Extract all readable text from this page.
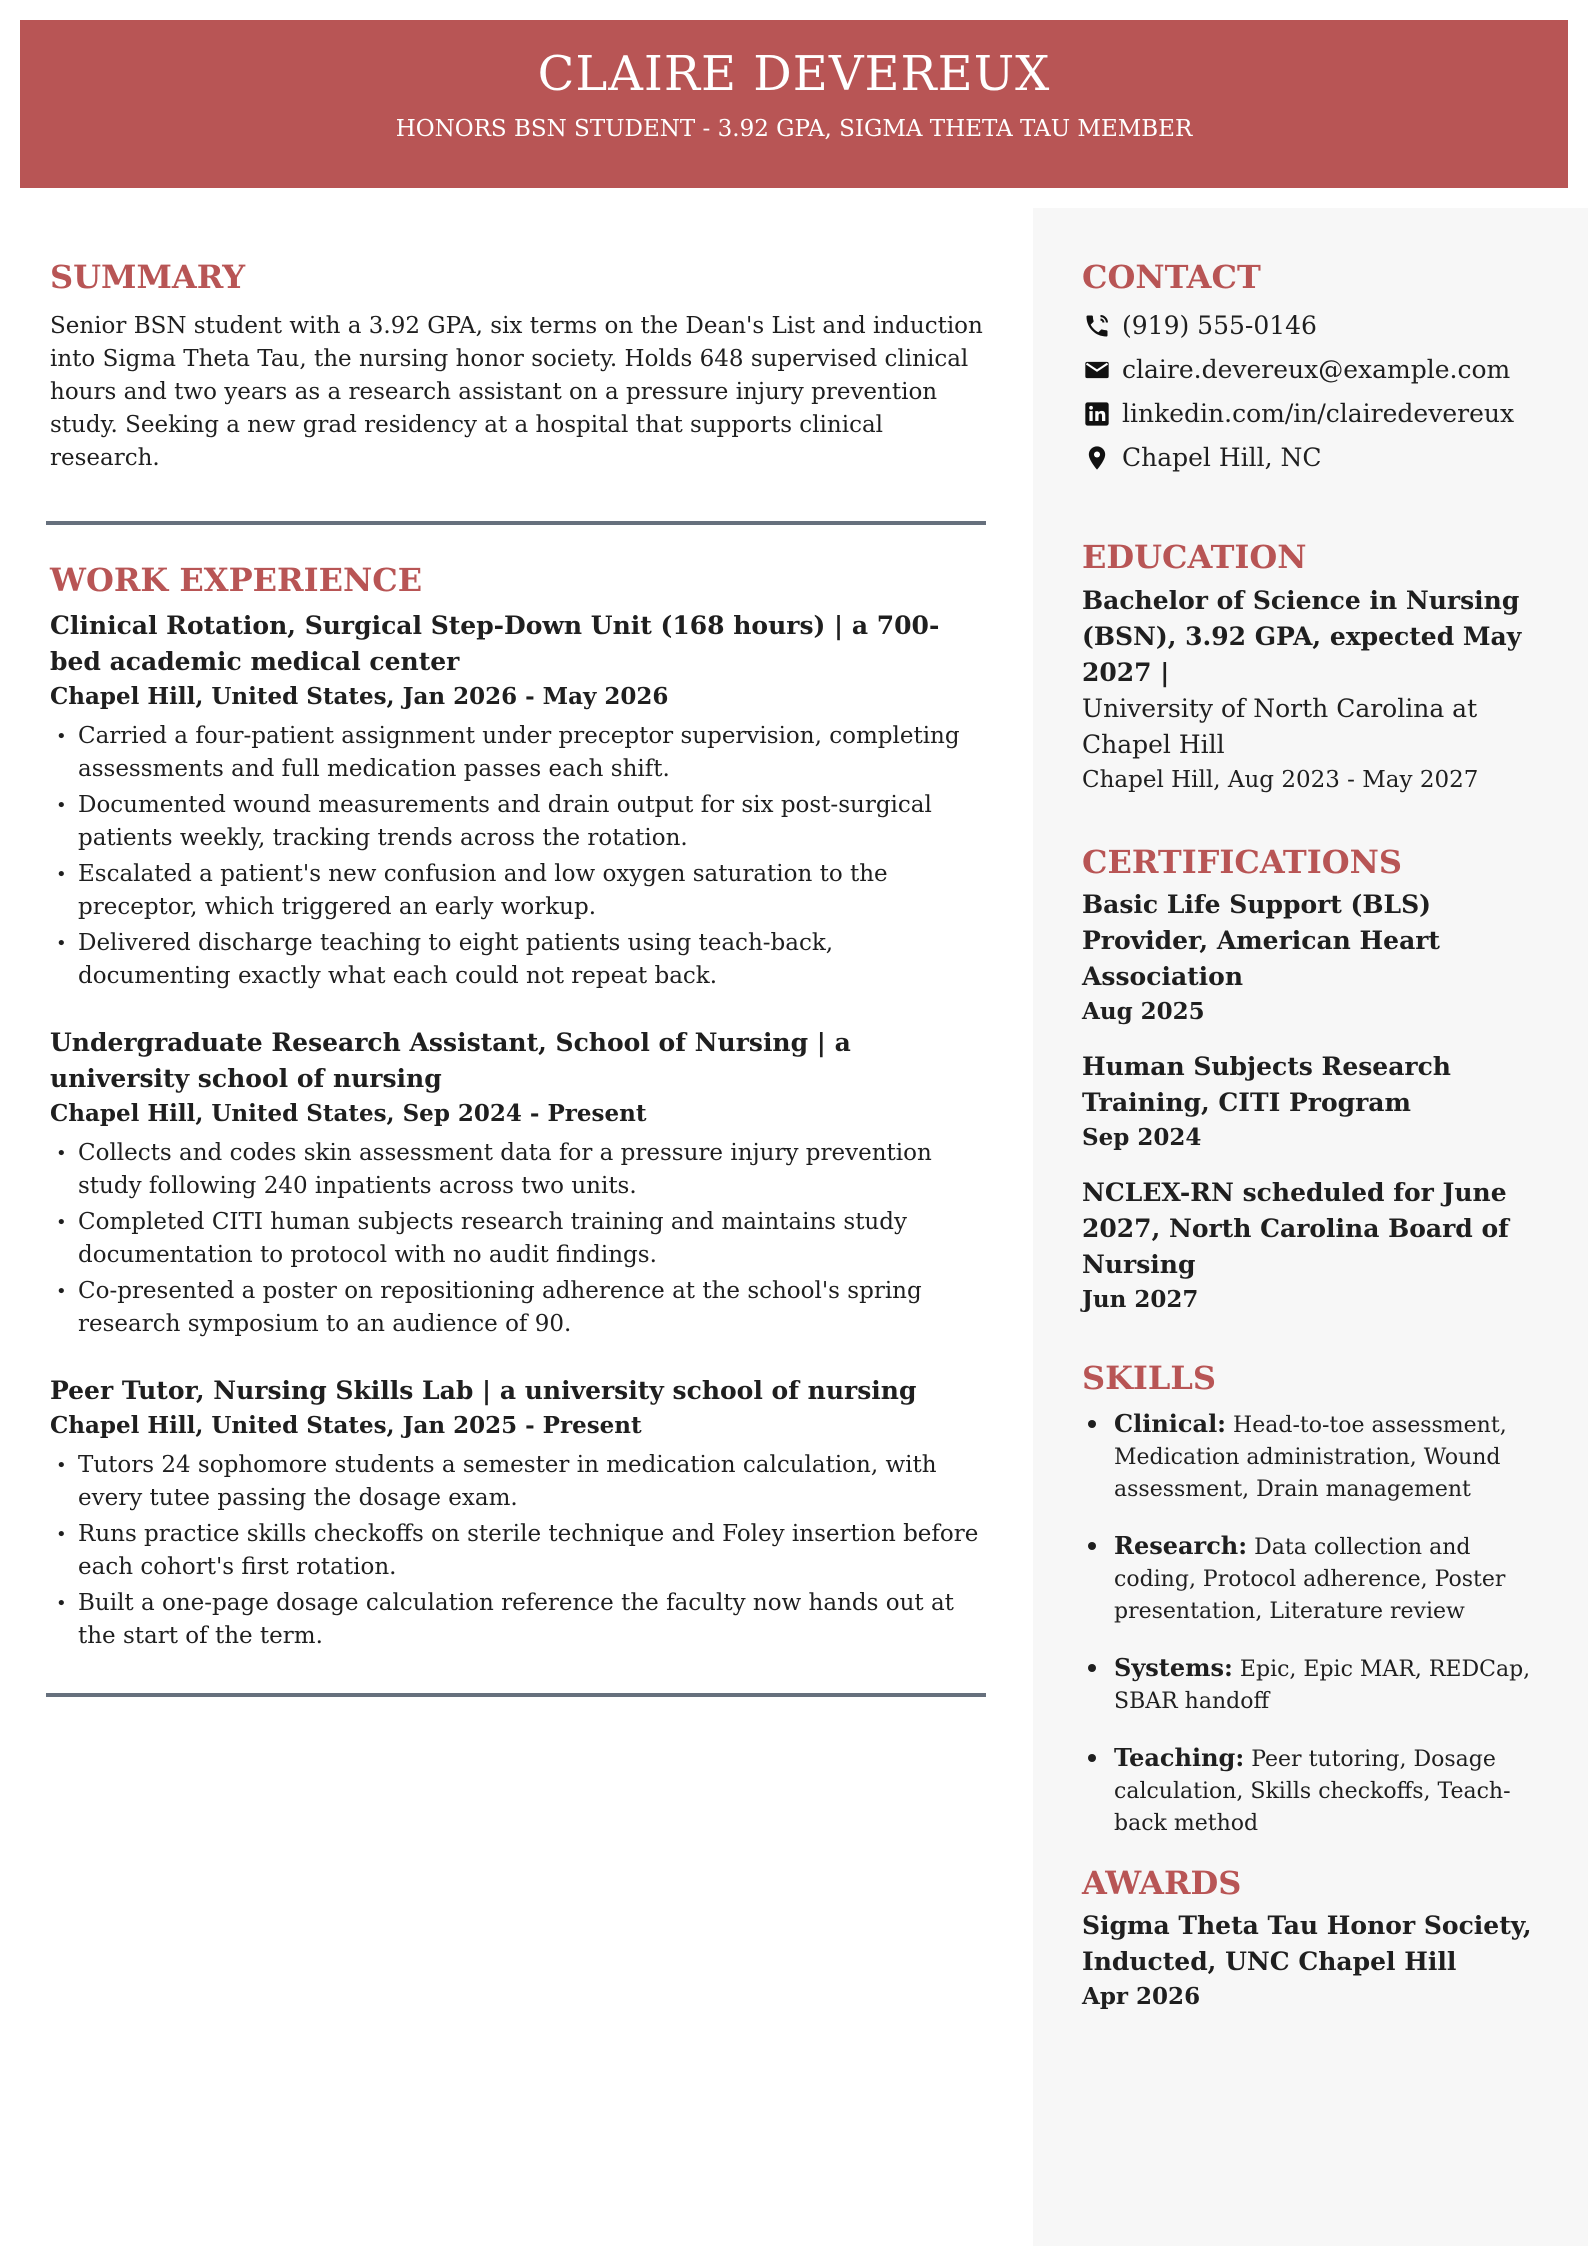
CLAIRE DEVEREUX
HONORS BSN STUDENT - 3.92 GPA, SIGMA THETA TAU MEMBER
SUMMARY

Senior BSN student with a 3.92 GPA, six terms on the Dean's List and induction into Sigma Theta Tau, the nursing honor society. Holds 648 supervised clinical hours and two years as a research assistant on a pressure injury prevention study. Seeking a new grad residency at a hospital that supports clinical research.

WORK EXPERIENCE
Clinical Rotation, Surgical Step-Down Unit (168 hours) | a 700-bed academic medical center
Chapel Hill, United States, Jan 2026 - May 2026
• Carried a four-patient assignment under preceptor supervision, completing assessments and full medication passes each shift.
• Documented wound measurements and drain output for six post-surgical patients weekly, tracking trends across the rotation.
• Escalated a patient's new confusion and low oxygen saturation to the preceptor, which triggered an early workup.
• Delivered discharge teaching to eight patients using teach-back, documenting exactly what each could not repeat back.
Undergraduate Research Assistant, School of Nursing | a university school of nursing
Chapel Hill, United States, Sep 2024 - Present
• Collects and codes skin assessment data for a pressure injury prevention study following 240 inpatients across two units.
• Completed CITI human subjects research training and maintains study documentation to protocol with no audit findings.
• Co-presented a poster on repositioning adherence at the school's spring research symposium to an audience of 90.
Peer Tutor, Nursing Skills Lab | a university school of nursing
Chapel Hill, United States, Jan 2025 - Present
• Tutors 24 sophomore students a semester in medication calculation, with every tutee passing the dosage exam.
• Runs practice skills checkoffs on sterile technique and Foley insertion before each cohort's first rotation.
• Built a one-page dosage calculation reference the faculty now hands out at the start of the term.
CONTACT
(919) 555-0146
claire.devereux@example.com
linkedin.com/in/clairedevereux
Chapel Hill, NC
EDUCATION
Bachelor of Science in Nursing (BSN), 3.92 GPA, expected May 2027 |
University of North Carolina at Chapel Hill
Chapel Hill, Aug 2023 - May 2027
CERTIFICATIONS
Basic Life Support (BLS) Provider, American Heart Association
Aug 2025
Human Subjects Research Training, CITI Program
Sep 2024
NCLEX-RN scheduled for June 2027, North Carolina Board of Nursing
Jun 2027
SKILLS
Clinical: Head-to-toe assessment, Medication administration, Wound assessment, Drain management
Research: Data collection and coding, Protocol adherence, Poster presentation, Literature review
Systems: Epic, Epic MAR, REDCap, SBAR handoff
Teaching: Peer tutoring, Dosage calculation, Skills checkoffs, Teach-back method
AWARDS
Sigma Theta Tau Honor Society, Inducted, UNC Chapel Hill
Apr 2026
